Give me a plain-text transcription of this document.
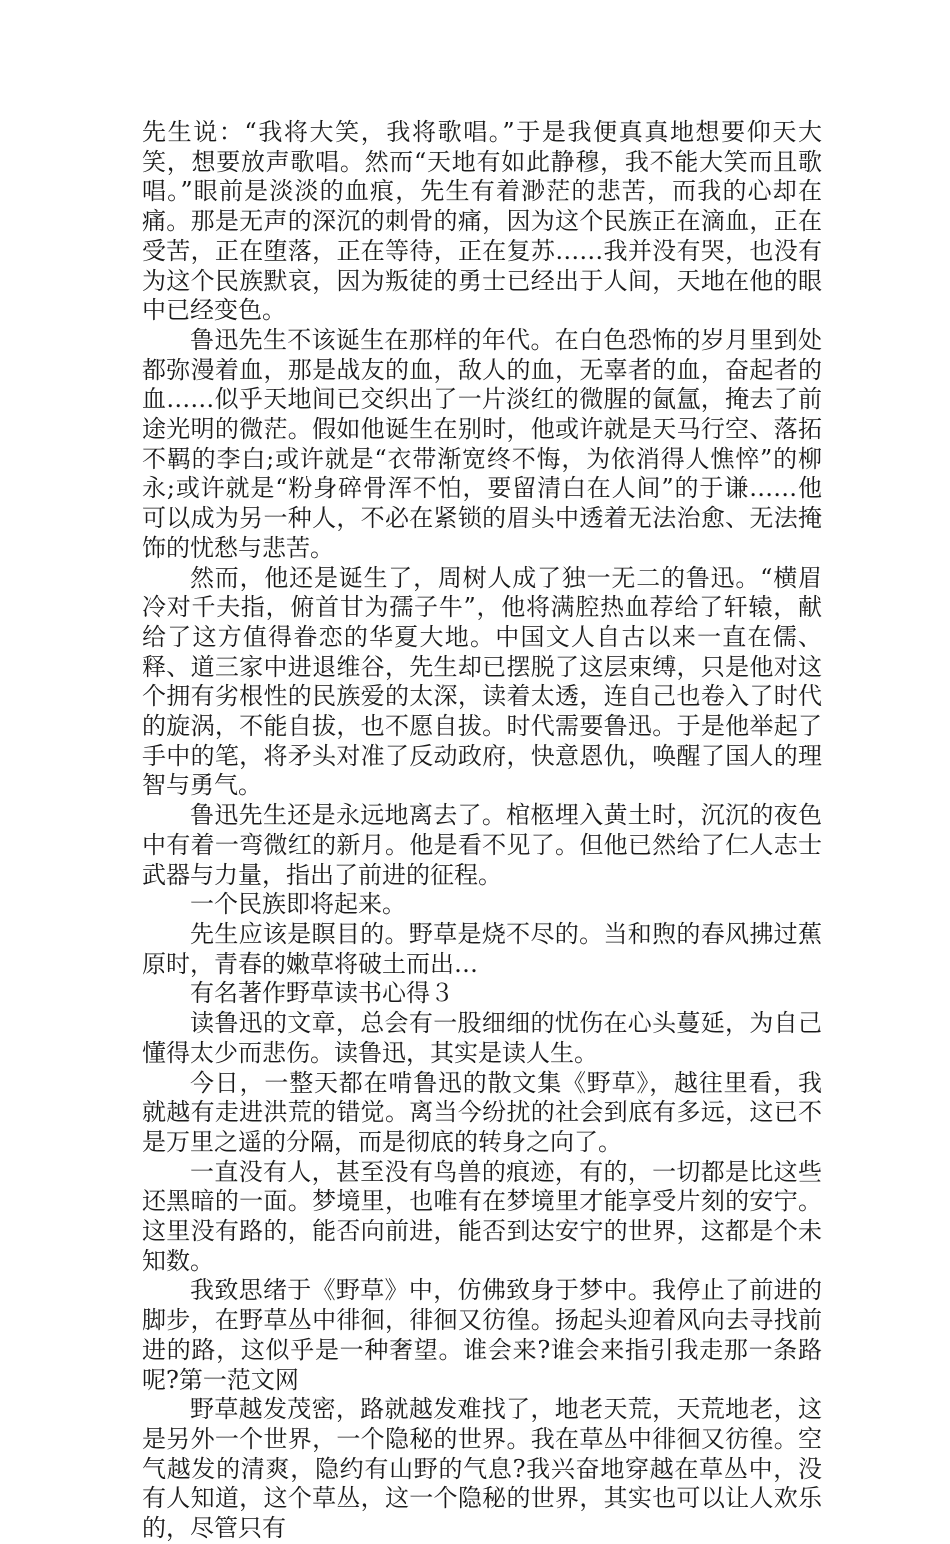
先生说：“我将大笑，我将歌唱。”于是我便真真地想要仰天大笑，想要放声歌唱。然而“天地有如此静穆，我不能大笑而且歌唱。”眼前是淡淡的血痕，先生有着渺茫的悲苦，而我的心却在痛。那是无声的深沉的刺骨的痛，因为这个民族正在滴血，正在受苦，正在堕落，正在等待，正在复苏……我并没有哭，也没有为这个民族默哀，因为叛徒的勇士已经出于人间，天地在他的眼中已经变色。

鲁迅先生不该诞生在那样的年代。在白色恐怖的岁月里到处都弥漫着血，那是战友的血，敌人的血，无辜者的血，奋起者的血……似乎天地间已交织出了一片淡红的微腥的氤氲，掩去了前途光明的微茫。假如他诞生在别时，他或许就是天马行空、落拓不羁的李白;或许就是“衣带渐宽终不悔，为依消得人憔悴”的柳永;或许就是“粉身碎骨浑不怕，要留清白在人间”的于谦……他可以成为另一种人，不必在紧锁的眉头中透着无法治愈、无法掩饰的忧愁与悲苦。

然而，他还是诞生了，周树人成了独一无二的鲁迅。“横眉冷对千夫指，俯首甘为孺子牛”，他将满腔热血荐给了轩辕，献给了这方值得眷恋的华夏大地。中国文人自古以来一直在儒、释、道三家中进退维谷，先生却已摆脱了这层束缚，只是他对这个拥有劣根性的民族爱的太深，读着太透，连自己也卷入了时代的旋涡，不能自拔，也不愿自拔。时代需要鲁迅。于是他举起了手中的笔，将矛头对准了反动政府，快意恩仇，唤醒了国人的理智与勇气。

鲁迅先生还是永远地离去了。棺柩埋入黄土时，沉沉的夜色中有着一弯微红的新月。他是看不见了。但他已然给了仁人志士武器与力量，指出了前进的征程。

一个民族即将起来。

先生应该是瞑目的。野草是烧不尽的。当和煦的春风拂过蕉原时，青春的嫩草将破土而出…

有名著作野草读书心得３

读鲁迅的文章，总会有一股细细的忧伤在心头蔓延，为自己懂得太少而悲伤。读鲁迅，其实是读人生。

今日，一整天都在啃鲁迅的散文集《野草》，越往里看，我就越有走进洪荒的错觉。离当今纷扰的社会到底有多远，这已不是万里之遥的分隔，而是彻底的转身之向了。

一直没有人，甚至没有鸟兽的痕迹，有的，一切都是比这些还黑暗的一面。梦境里，也唯有在梦境里才能享受片刻的安宁。这里没有路的，能否向前进，能否到达安宁的世界，这都是个未知数。

我致思绪于《野草》中，仿佛致身于梦中。我停止了前进的脚步，在野草丛中徘徊，徘徊又彷徨。扬起头迎着风向去寻找前进的路，这似乎是一种奢望。谁会来?谁会来指引我走那一条路呢?第一范文网

野草越发茂密，路就越发难找了，地老天荒，天荒地老，这是另外一个世界，一个隐秘的世界。我在草丛中徘徊又彷徨。空气越发的清爽，隐约有山野的气息?我兴奋地穿越在草丛中，没有人知道，这个草丛，这一个隐秘的世界，其实也可以让人欢乐的，尽管只有
